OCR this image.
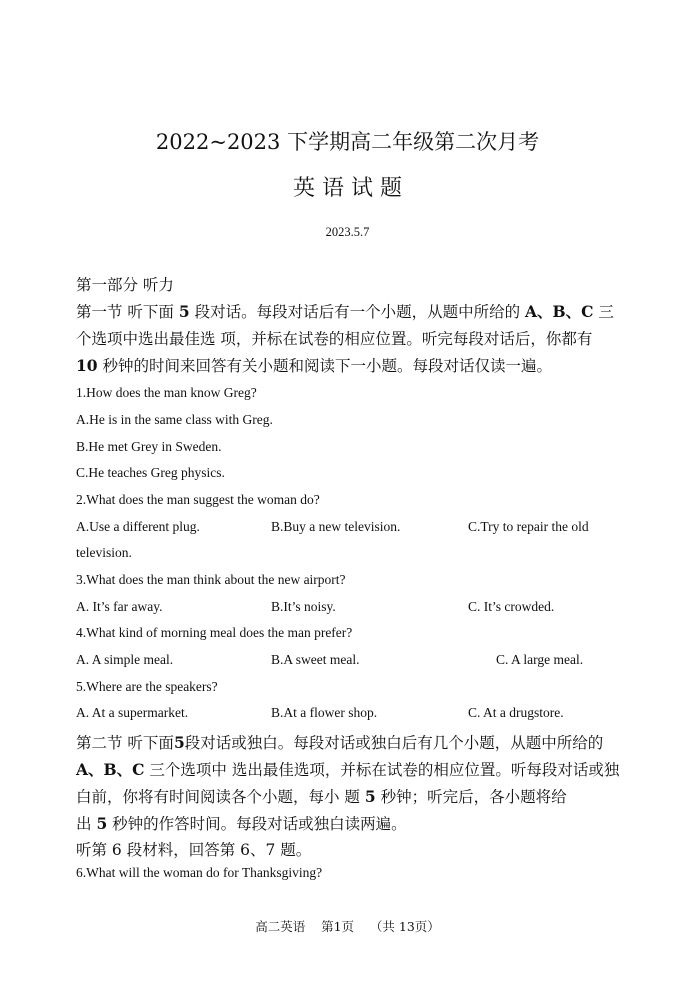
2022~2023 下学期高二年级第二次月考
英 语 试 题
2023.5.7
第一部分 听力
第一节 听下面 5 段对话。每段对话后有一个小题，从题中所给的 A、B、C 三
个选项中选出最佳选 项，并标在试卷的相应位置。听完每段对话后，你都有
10 秒钟的时间来回答有关小题和阅读下一小题。每段对话仅读一遍。
1.How does the man know Greg?
A.He is in the same class with Greg.
B.He met Grey in Sweden.
C.He teaches Greg physics.
2.What does the man suggest the woman do?
A.Use a different plug.	B.Buy a new television.	C.Try to repair the old
television.
3.What does the man think about the new airport?
A. It’s far away.	B.It’s noisy.	C. It’s crowded.
4.What kind of morning meal does the man prefer?
A. A simple meal.	B.A sweet meal.	C. A large meal.
5.Where are the speakers?
A. At a supermarket.	B.At a flower shop.	C. At a drugstore.
第二节 听下面5段对话或独白。每段对话或独白后有几个小题，从题中所给的
A、B、C 三个选项中 选出最佳选项，并标在试卷的相应位置。听每段对话或独
白前，你将有时间阅读各个小题，每小 题 5 秒钟；听完后，各小题将给
出 5 秒钟的作答时间。每段对话或独白读两遍。
听第 6 段材料，回答第 6、7 题。
6.What will the woman do for Thanksgiving?
高二英语    第1页    （共 13页）
